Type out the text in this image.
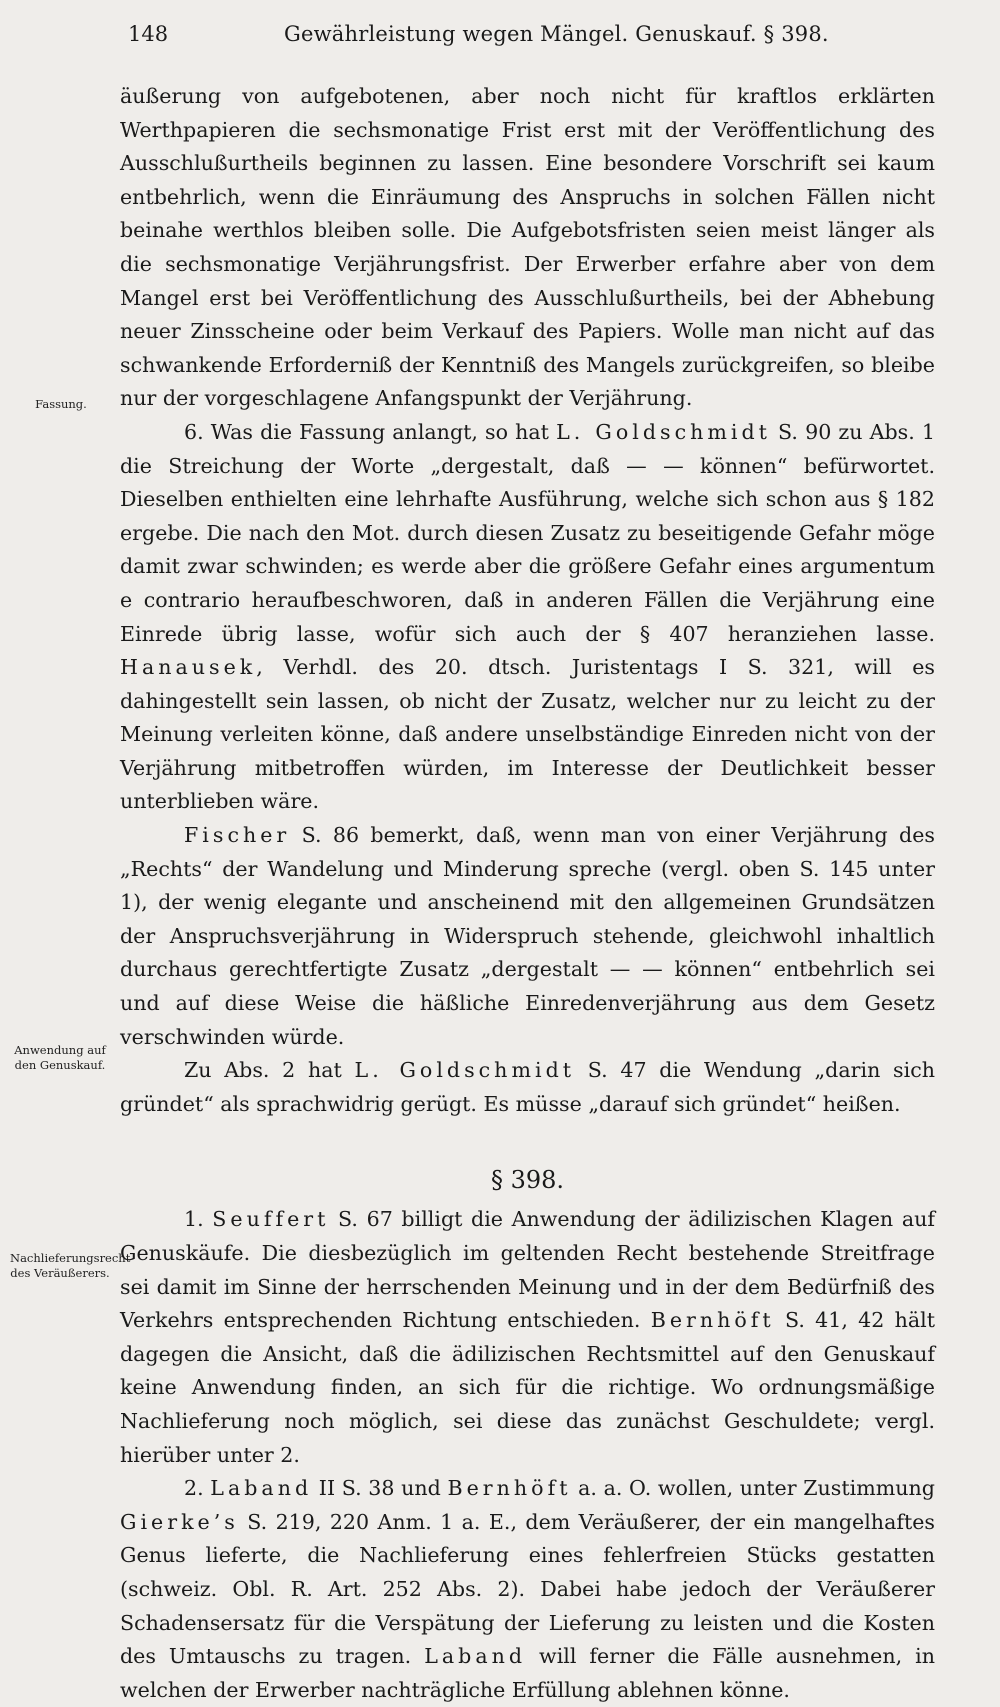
148	Gewährleistung wegen Mängel. Genuskauf. § 398.
Fassung.
Anwendung auf den Genuskauf.
Nachlieferungsrecht des Veräußerers.

äußerung von aufgebotenen, aber noch nicht für kraftlos erklärten Werthpapieren die sechsmonatige Frist erst mit der Veröffentlichung des Ausschlußurtheils beginnen zu lassen. Eine besondere Vorschrift sei kaum entbehrlich, wenn die Einräumung des Anspruchs in solchen Fällen nicht beinahe werthlos bleiben solle. Die Aufgebotsfristen seien meist länger als die sechsmonatige Verjährungsfrist. Der Erwerber erfahre aber von dem Mangel erst bei Veröffentlichung des Ausschlußurtheils, bei der Abhebung neuer Zinsscheine oder beim Verkauf des Papiers. Wolle man nicht auf das schwankende Erforderniß der Kenntniß des Mangels zurückgreifen, so bleibe nur der vorgeschlagene Anfangspunkt der Verjährung.

6. Was die Fassung anlangt, so hat L. Goldschmidt S. 90 zu Abs. 1 die Streichung der Worte „dergestalt, daß — — können“ befürwortet. Dieselben enthielten eine lehrhafte Ausführung, welche sich schon aus § 182 ergebe. Die nach den Mot. durch diesen Zusatz zu beseitigende Gefahr möge damit zwar schwinden; es werde aber die größere Gefahr eines argumentum e contrario heraufbeschworen, daß in anderen Fällen die Verjährung eine Einrede übrig lasse, wofür sich auch der § 407 heranziehen lasse. Hanausek, Verhdl. des 20. dtsch. Juristentags I S. 321, will es dahingestellt sein lassen, ob nicht der Zusatz, welcher nur zu leicht zu der Meinung verleiten könne, daß andere unselbständige Einreden nicht von der Verjährung mitbetroffen würden, im Interesse der Deutlichkeit besser unterblieben wäre.

Fischer S. 86 bemerkt, daß, wenn man von einer Verjährung des „Rechts“ der Wandelung und Minderung spreche (vergl. oben S. 145 unter 1), der wenig elegante und anscheinend mit den allgemeinen Grundsätzen der Anspruchsverjährung in Widerspruch stehende, gleichwohl inhaltlich durchaus gerechtfertigte Zusatz „dergestalt — — können“ entbehrlich sei und auf diese Weise die häßliche Einredenverjährung aus dem Gesetz verschwinden würde.

Zu Abs. 2 hat L. Goldschmidt S. 47 die Wendung „darin sich gründet“ als sprachwidrig gerügt. Es müsse „darauf sich gründet“ heißen.

§ 398.

1. Seuffert S. 67 billigt die Anwendung der ädilizischen Klagen auf Genuskäufe. Die diesbezüglich im geltenden Recht bestehende Streitfrage sei damit im Sinne der herrschenden Meinung und in der dem Bedürfniß des Verkehrs entsprechenden Richtung entschieden. Bernhöft S. 41, 42 hält dagegen die Ansicht, daß die ädilizischen Rechtsmittel auf den Genuskauf keine Anwendung finden, an sich für die richtige. Wo ordnungsmäßige Nachlieferung noch möglich, sei diese das zunächst Geschuldete; vergl. hierüber unter 2.

2. Laband II S. 38 und Bernhöft a. a. O. wollen, unter Zustimmung Gierke’s S. 219, 220 Anm. 1 a. E., dem Veräußerer, der ein mangelhaftes Genus lieferte, die Nachlieferung eines fehlerfreien Stücks gestatten (schweiz. Obl. R. Art. 252 Abs. 2). Dabei habe jedoch der Veräußerer Schadensersatz für die Verspätung der Lieferung zu leisten und die Kosten des Umtauschs zu tragen. Laband will ferner die Fälle ausnehmen, in welchen der Erwerber nachträgliche Erfüllung ablehnen könne.
